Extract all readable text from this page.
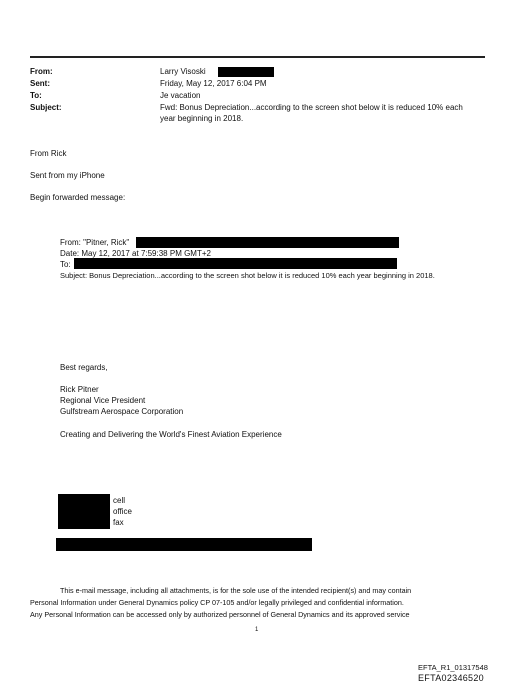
From:
Sent:
To:
Subject:
Larry Visoski
Friday, May 12, 2017 6:04 PM
Je vacation
Fwd: Bonus Depreciation...according to the screen shot below it is reduced 10% each
year beginning in 2018.
From Rick
Sent from my iPhone
Begin forwarded message:
From: "Pitner, Rick"
Date: May 12, 2017 at 7:59:38 PM GMT+2
To:
Subject: Bonus Depreciation...according to the screen shot below it is reduced 10% each year beginning in 2018.
Best regards,
Rick Pitner
Regional Vice President
Gulfstream Aerospace Corporation
Creating and Delivering the World's Finest Aviation Experience
cell
office
fax
This e-mail message, including all attachments, is for the sole use of the intended recipient(s) and may contain
Personal Information under General Dynamics policy CP 07-105 and/or legally privileged and confidential information.
Any Personal Information can be accessed only by authorized personnel of General Dynamics and its approved service
1
EFTA_R1_01317548
EFTA02346520
